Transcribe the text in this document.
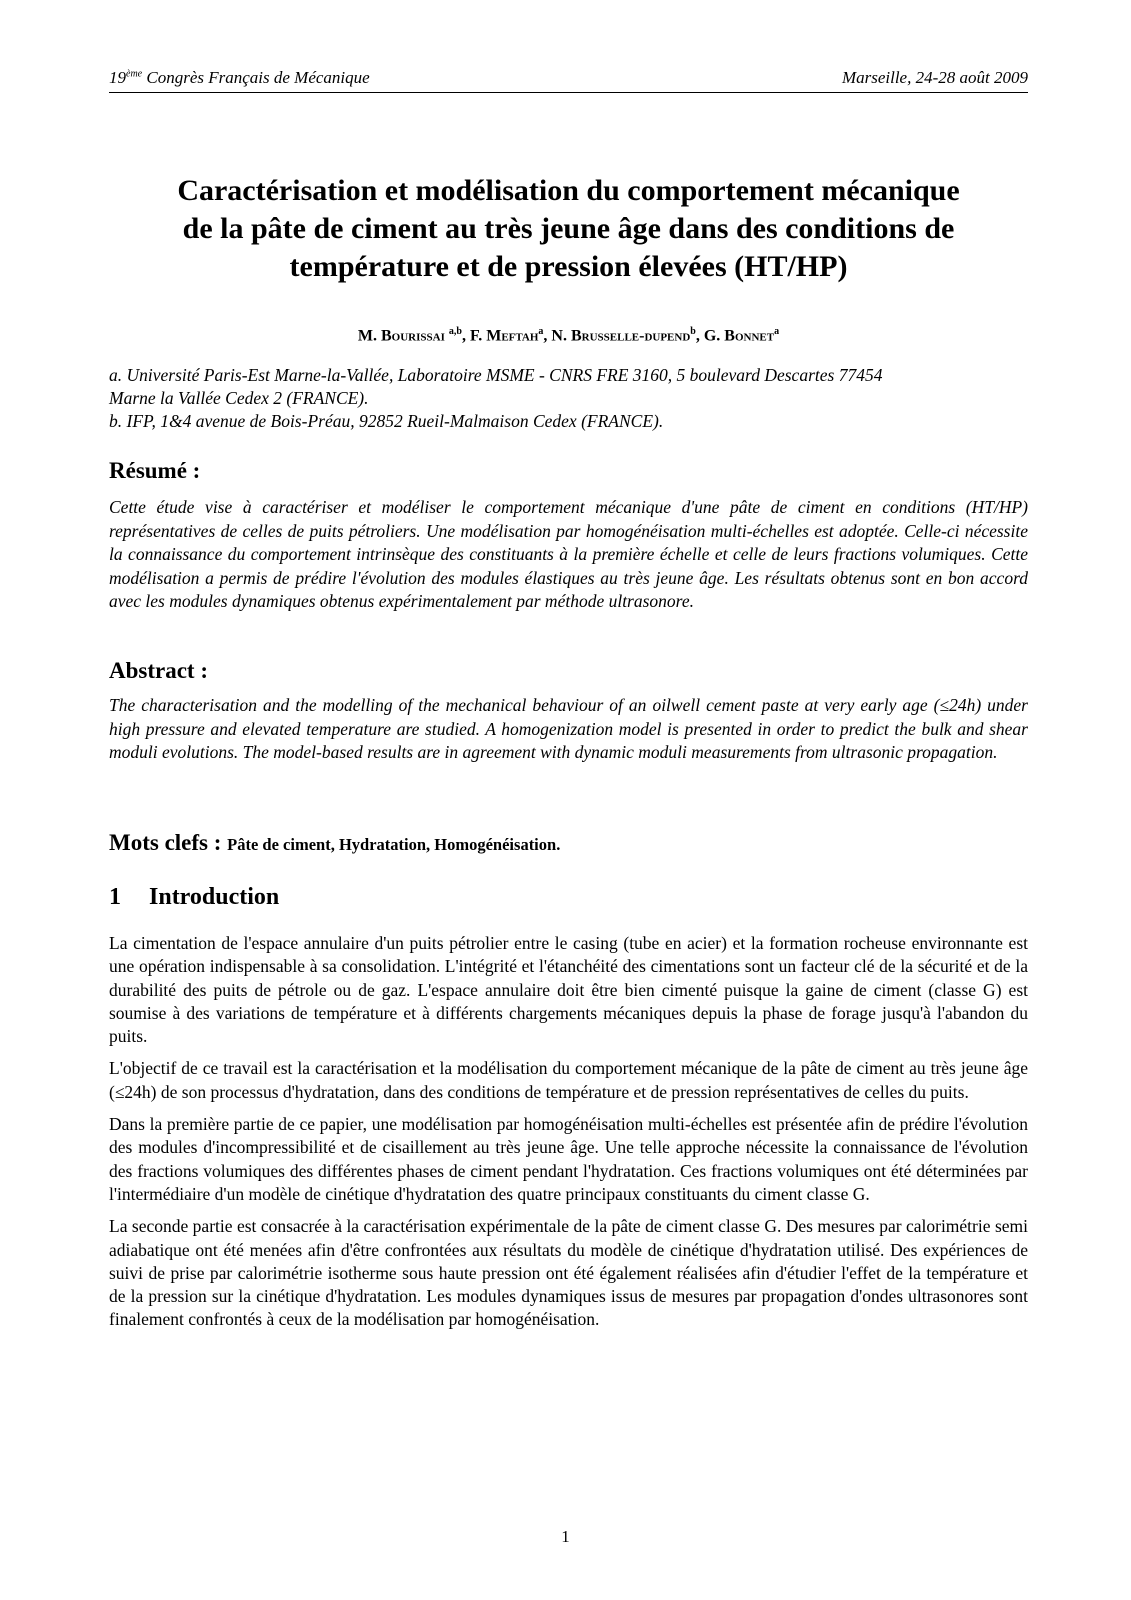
19ème Congrès Français de Mécanique	Marseille, 24-28 août 2009
Caractérisation et modélisation du comportement mécanique
de la pâte de ciment au très jeune âge dans des conditions de
température et de pression élevées (HT/HP)
M. Bourissai $^{a,b}$, F. Meftah$^a$, N. Brusselle-dupend$^b$, G. Bonnet$^a$
a. Université Paris-Est Marne-la-Vallée, Laboratoire MSME - CNRS FRE 3160, 5 boulevard Descartes 77454
Marne la Vallée Cedex 2 (FRANCE).
b. IFP, 1&4 avenue de Bois-Préau, 92852 Rueil-Malmaison Cedex (FRANCE).
Résumé :
Cette étude vise à caractériser et modéliser le comportement mécanique d'une pâte de ciment en conditions (HT/HP) représentatives de celles de puits pétroliers. Une modélisation par homogénéisation multi-échelles est adoptée. Celle-ci nécessite la connaissance du comportement intrinsèque des constituants à la première échelle et celle de leurs fractions volumiques. Cette modélisation a permis de prédire l'évolution des modules élastiques au très jeune âge. Les résultats obtenus sont en bon accord avec les modules dynamiques obtenus expérimentalement par méthode ultrasonore.
Abstract :
The characterisation and the modelling of the mechanical behaviour of an oilwell cement paste at very early age (≤24h) under high pressure and elevated temperature are studied. A homogenization model is presented in order to predict the bulk and shear moduli evolutions. The model-based results are in agreement with dynamic moduli measurements from ultrasonic propagation.
Mots clefs : Pâte de ciment, Hydratation, Homogénéisation.
1 Introduction

La cimentation de l'espace annulaire d'un puits pétrolier entre le casing (tube en acier) et la formation rocheuse environnante est une opération indispensable à sa consolidation. L'intégrité et l'étanchéité des cimentations sont un facteur clé de la sécurité et de la durabilité des puits de pétrole ou de gaz. L'espace annulaire doit être bien cimenté puisque la gaine de ciment (classe G) est soumise à des variations de température et à différents chargements mécaniques depuis la phase de forage jusqu'à l'abandon du puits.

L'objectif de ce travail est la caractérisation et la modélisation du comportement mécanique de la pâte de ciment au très jeune âge (≤24h) de son processus d'hydratation, dans des conditions de température et de pression représentatives de celles du puits.

Dans la première partie de ce papier, une modélisation par homogénéisation multi-échelles est présentée afin de prédire l'évolution des modules d'incompressibilité et de cisaillement au très jeune âge. Une telle approche nécessite la connaissance de l'évolution des fractions volumiques des différentes phases de ciment pendant l'hydratation. Ces fractions volumiques ont été déterminées par l'intermédiaire d'un modèle de cinétique d'hydratation des quatre principaux constituants du ciment classe G.

La seconde partie est consacrée à la caractérisation expérimentale de la pâte de ciment classe G. Des mesures par calorimétrie semi adiabatique ont été menées afin d'être confrontées aux résultats du modèle de cinétique d'hydratation utilisé. Des expériences de suivi de prise par calorimétrie isotherme sous haute pression ont été également réalisées afin d'étudier l'effet de la température et de la pression sur la cinétique d'hydratation. Les modules dynamiques issus de mesures par propagation d'ondes ultrasonores sont finalement confrontés à ceux de la modélisation par homogénéisation.

1
